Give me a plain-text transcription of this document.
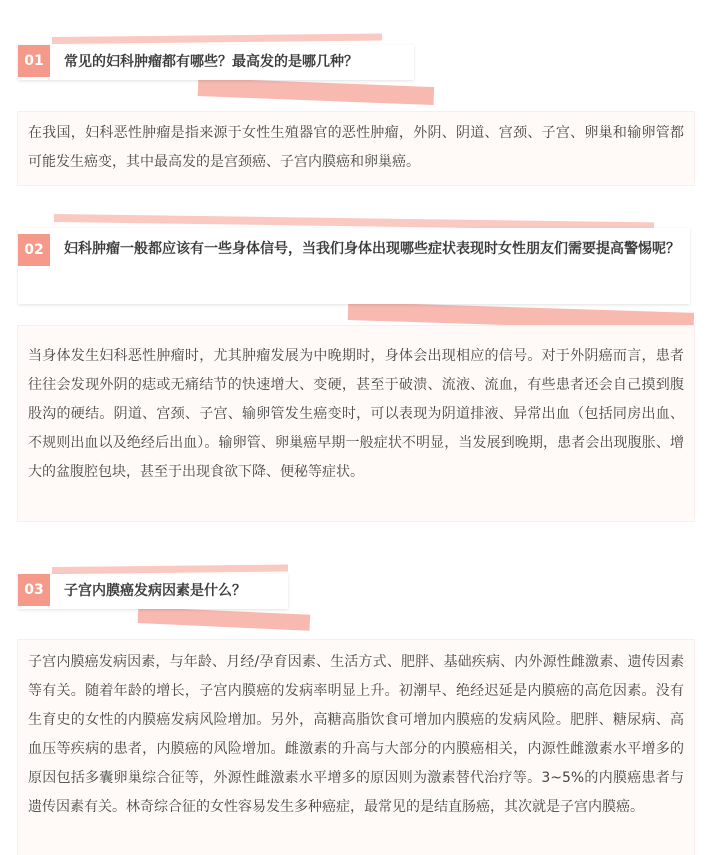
01	常见的妇科肿瘤都有哪些？最高发的是哪几种？

在我国，妇科恶性肿瘤是指来源于女性生殖器官的恶性肿瘤，外阴、阴道、宫颈、子宫、卵巢和输卵管都可能发生癌变，其中最高发的是宫颈癌、子宫内膜癌和卵巢癌。

02	妇科肿瘤一般都应该有一些身体信号，当我们身体出现哪些症状表现时女性朋友们需要提高警惕呢？

当身体发生妇科恶性肿瘤时，尤其肿瘤发展为中晚期时，身体会出现相应的信号。对于外阴癌而言，患者往往会发现外阴的痣或无痛结节的快速增大、变硬，甚至于破溃、流液、流血，有些患者还会自己摸到腹股沟的硬结。阴道、宫颈、子宫、输卵管发生癌变时，可以表现为阴道排液、异常出血（包括同房出血、不规则出血以及绝经后出血）。输卵管、卵巢癌早期一般症状不明显，当发展到晚期，患者会出现腹胀、增大的盆腹腔包块，甚至于出现食欲下降、便秘等症状。

03	子宫内膜癌发病因素是什么？

子宫内膜癌发病因素，与年龄、月经/孕育因素、生活方式、肥胖、基础疾病、内外源性雌激素、遗传因素等有关。随着年龄的增长，子宫内膜癌的发病率明显上升。初潮早、绝经迟延是内膜癌的高危因素。没有生育史的女性的内膜癌发病风险增加。另外，高糖高脂饮食可增加内膜癌的发病风险。肥胖、糖尿病、高血压等疾病的患者，内膜癌的风险增加。雌激素的升高与大部分的内膜癌相关，内源性雌激素水平增多的原因包括多囊卵巢综合征等，外源性雌激素水平增多的原因则为激素替代治疗等。3~5%的内膜癌患者与遗传因素有关。林奇综合征的女性容易发生多种癌症，最常见的是结直肠癌，其次就是子宫内膜癌。
